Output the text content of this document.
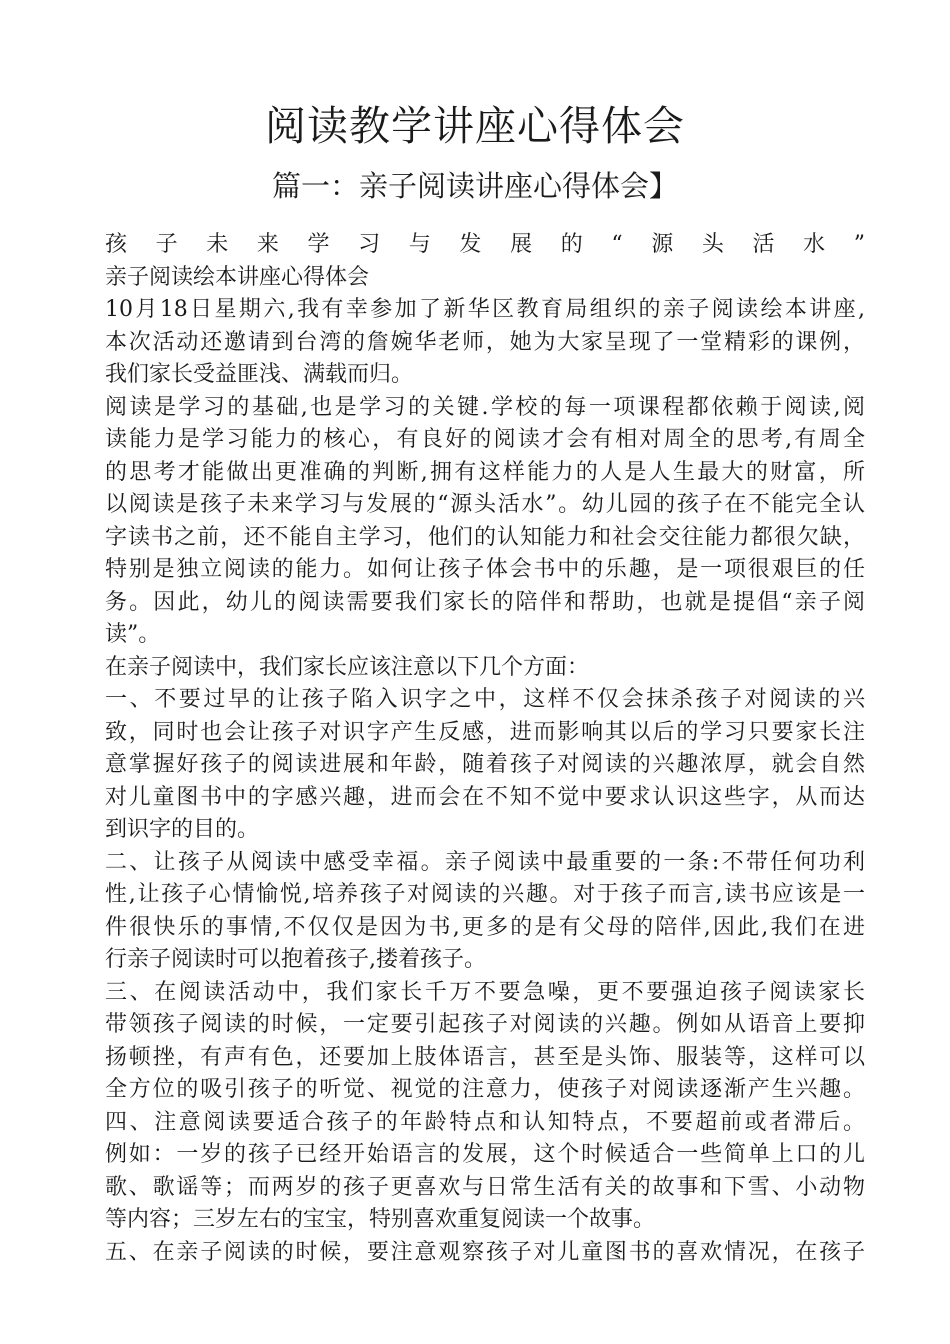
阅读教学讲座心得体会
篇一：亲子阅读讲座心得体会】
孩子未来学习与发展的“源头活水”
亲子阅读绘本讲座心得体会
10月18日星期六,我有幸参加了新华区教育局组织的亲子阅读绘本讲座,
本次活动还邀请到台湾的詹婉华老师，她为大家呈现了一堂精彩的课例，
我们家长受益匪浅、满载而归。
阅读是学习的基础,也是学习的关键.学校的每一项课程都依赖于阅读,阅
读能力是学习能力的核心，有良好的阅读才会有相对周全的思考,有周全
的思考才能做出更准确的判断,拥有这样能力的人是人生最大的财富，所
以阅读是孩子未来学习与发展的“源头活水”。幼儿园的孩子在不能完全认
字读书之前，还不能自主学习，他们的认知能力和社会交往能力都很欠缺，
特别是独立阅读的能力。如何让孩子体会书中的乐趣，是一项很艰巨的任
务。因此，幼儿的阅读需要我们家长的陪伴和帮助，也就是提倡“亲子阅
读”。
在亲子阅读中，我们家长应该注意以下几个方面：
一、不要过早的让孩子陷入识字之中，这样不仅会抹杀孩子对阅读的兴
致，同时也会让孩子对识字产生反感，进而影响其以后的学习只要家长注
意掌握好孩子的阅读进展和年龄，随着孩子对阅读的兴趣浓厚，就会自然
对儿童图书中的字感兴趣，进而会在不知不觉中要求认识这些字，从而达
到识字的目的。
二、让孩子从阅读中感受幸福。亲子阅读中最重要的一条:不带任何功利
性,让孩子心情愉悦,培养孩子对阅读的兴趣。对于孩子而言,读书应该是一
件很快乐的事情,不仅仅是因为书,更多的是有父母的陪伴,因此,我们在进
行亲子阅读时可以抱着孩子,搂着孩子。
三、在阅读活动中，我们家长千万不要急噪，更不要强迫孩子阅读家长
带领孩子阅读的时候，一定要引起孩子对阅读的兴趣。例如从语音上要抑
扬顿挫，有声有色，还要加上肢体语言，甚至是头饰、服装等，这样可以
全方位的吸引孩子的听觉、视觉的注意力，使孩子对阅读逐渐产生兴趣。
四、注意阅读要适合孩子的年龄特点和认知特点，不要超前或者滞后。
例如：一岁的孩子已经开始语言的发展，这个时候适合一些简单上口的儿
歌、歌谣等；而两岁的孩子更喜欢与日常生活有关的故事和下雪、小动物
等内容；三岁左右的宝宝，特别喜欢重复阅读一个故事。
五、在亲子阅读的时候，要注意观察孩子对儿童图书的喜欢情况，在孩子
